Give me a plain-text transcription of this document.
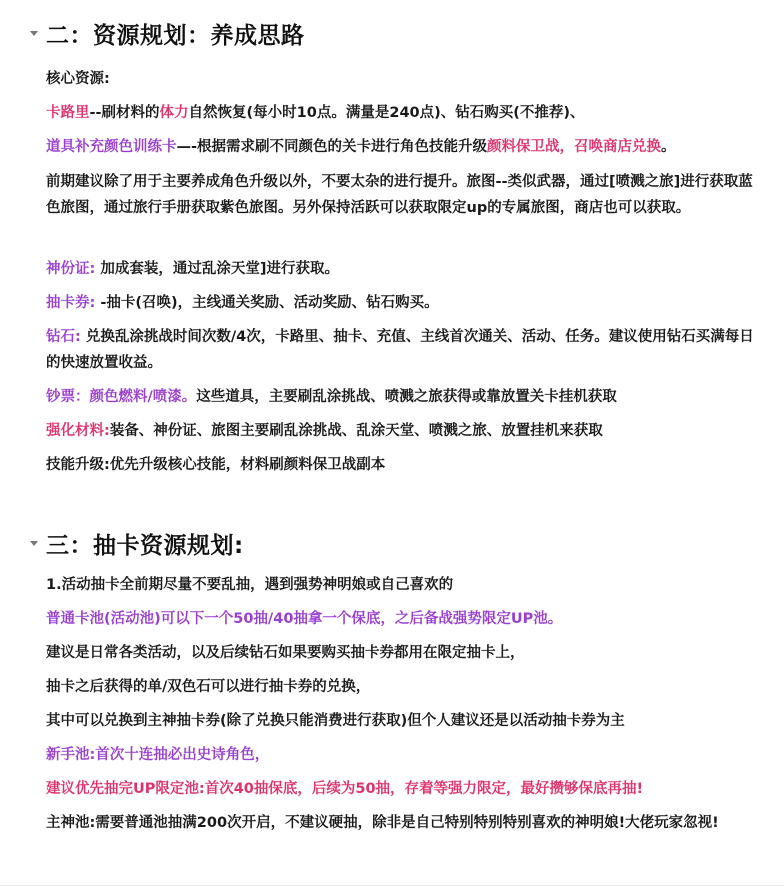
二：资源规划：养成思路
核心资源:
卡路里--刷材料的体力自然恢复(每小时10点。满量是240点)、钻石购买(不推荐)、
道具补充颜色训练卡—-根据需求刷不同颜色的关卡进行角色技能升级颜料保卫战，召唤商店兑换。
前期建议除了用于主要养成角色升级以外，不要太杂的进行提升。旅图--类似武器，通过[喷溅之旅]进行获取蓝色旅图，通过旅行手册获取紫色旅图。另外保持活跃可以获取限定up的专属旅图，商店也可以获取。
神份证: 加成套装，通过乱涂天堂]进行获取。
抽卡券: -抽卡(召唤)，主线通关奖励、活动奖励、钻石购买。
钻石: 兑换乱涂挑战时间次数/4次，卡路里、抽卡、充值、主线首次通关、活动、任务。建议使用钻石买满每日的快速放置收益。
钞票：颜色燃料/喷漆。这些道具，主要刷乱涂挑战、喷溅之旅获得或靠放置关卡挂机获取
强化材料:装备、神份证、旅图主要刷乱涂挑战、乱涂天堂、喷溅之旅、放置挂机来获取
技能升级:优先升级核心技能，材料刷颜料保卫战副本
三：抽卡资源规划:
1.活动抽卡全前期尽量不要乱抽，遇到强势神明娘或自己喜欢的
普通卡池(活动池)可以下一个50抽/40抽拿一个保底，之后备战强势限定UP池。
建议是日常各类活动，以及后续钻石如果要购买抽卡券都用在限定抽卡上，
抽卡之后获得的单/双色石可以进行抽卡券的兑换，
其中可以兑换到主神抽卡券(除了兑换只能消费进行获取)但个人建议还是以活动抽卡券为主
新手池:首次十连抽必出史诗角色，
建议优先抽完UP限定池:首次40抽保底，后续为50抽，存着等强力限定，最好攒够保底再抽!
主神池:需要普通池抽满200次开启，不建议硬抽，除非是自己特别特别特别喜欢的神明娘!大佬玩家忽视!
